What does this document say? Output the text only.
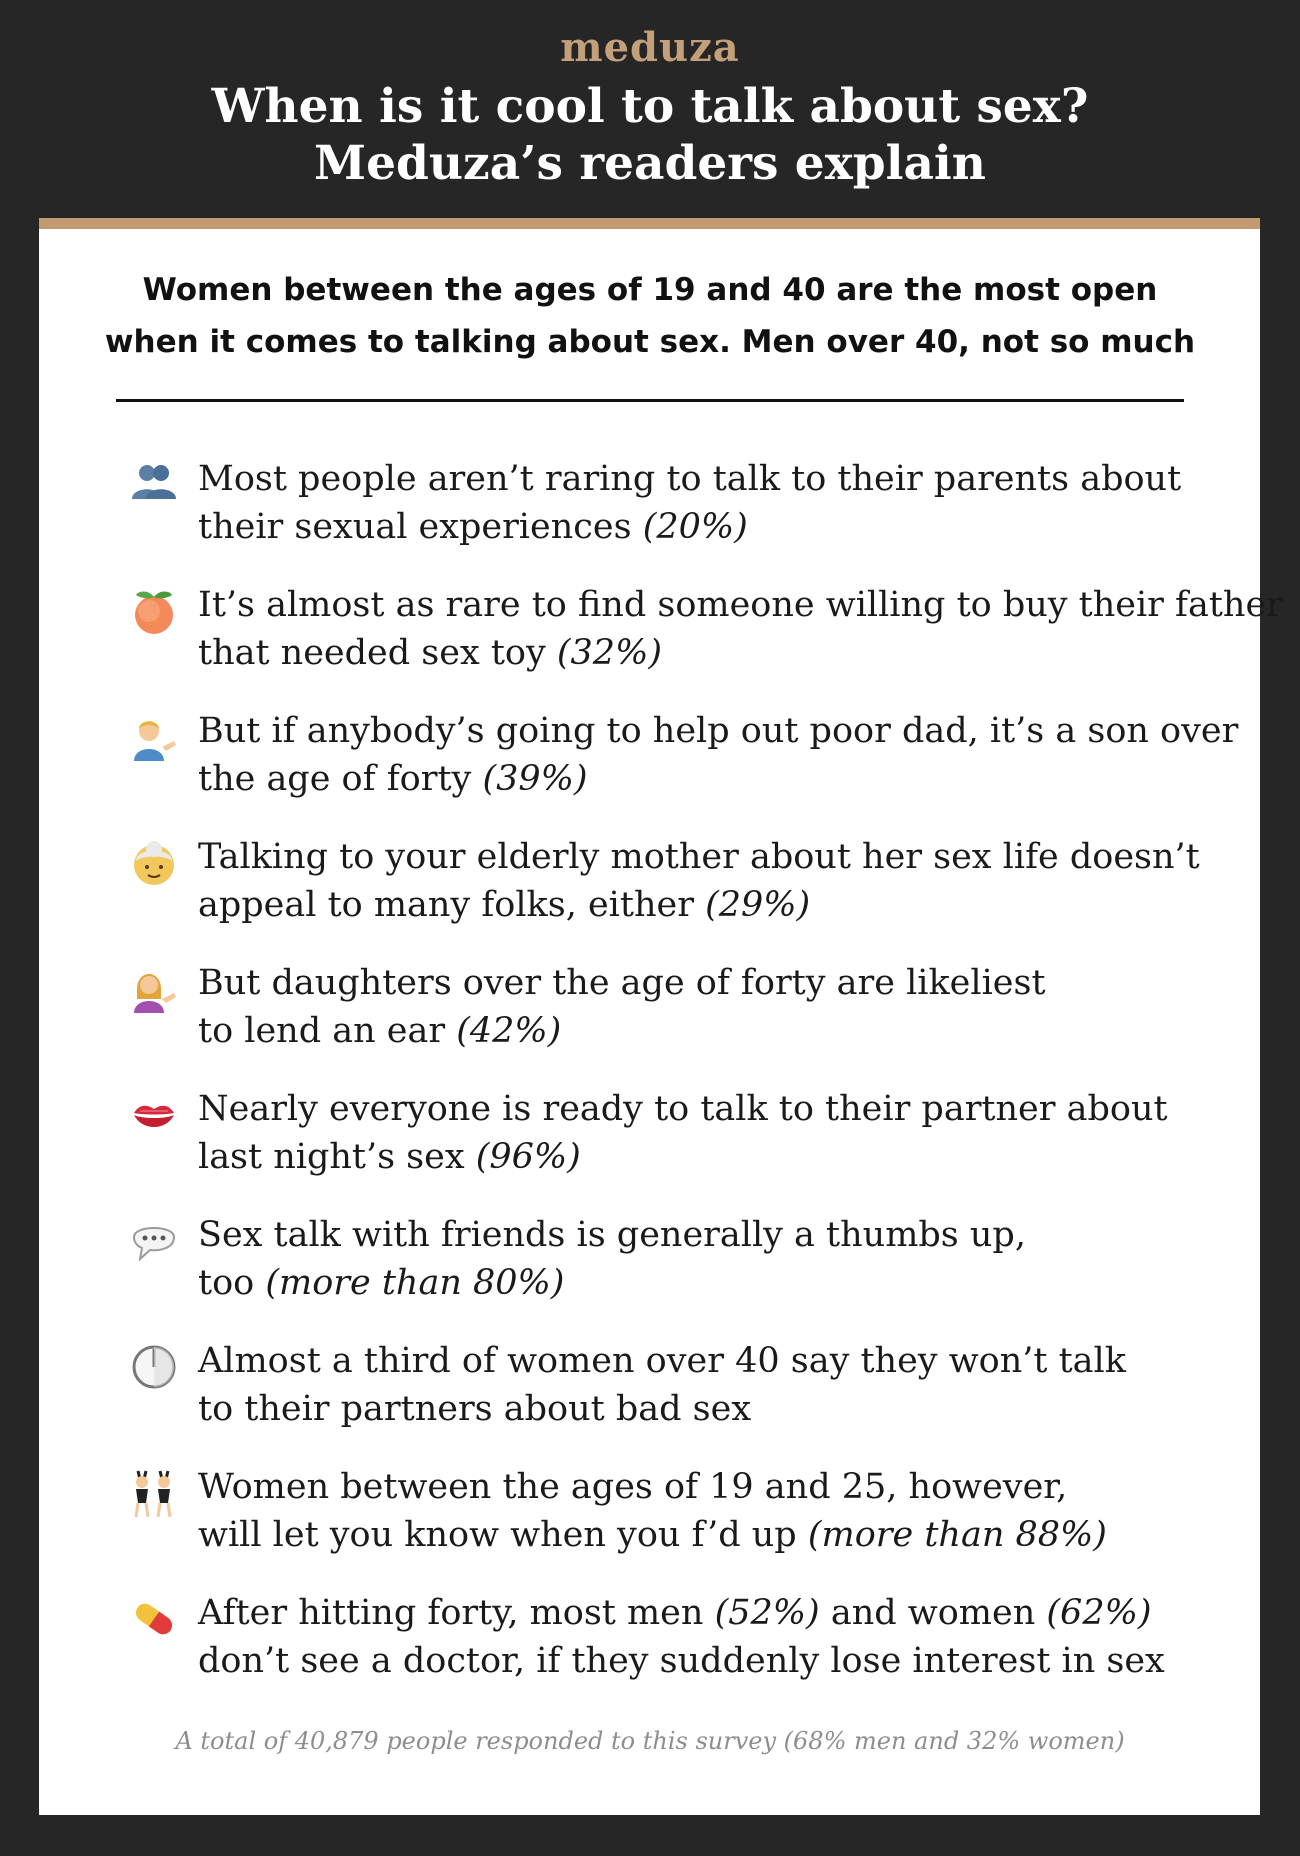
meduza
When is it cool to talk about sex?
Meduza’s readers explain
Women between the ages of 19 and 40 are the most open
when it comes to talking about sex. Men over 40, not so much
Most people aren’t raring to talk to their parents about
their sexual experiences (20%)
It’s almost as rare to find someone willing to buy their father
that needed sex toy (32%)
But if anybody’s going to help out poor dad, it’s a son over
the age of forty (39%)
Talking to your elderly mother about her sex life doesn’t
appeal to many folks, either (29%)
But daughters over the age of forty are likeliest
to lend an ear (42%)
Nearly everyone is ready to talk to their partner about
last night’s sex (96%)
Sex talk with friends is generally a thumbs up,
too (more than 80%)
Almost a third of women over 40 say they won’t talk
to their partners about bad sex
Women between the ages of 19 and 25, however,
will let you know when you f’d up (more than 88%)
After hitting forty, most men (52%) and women (62%)
don’t see a doctor, if they suddenly lose interest in sex
A total of 40,879 people responded to this survey (68% men and 32% women)
